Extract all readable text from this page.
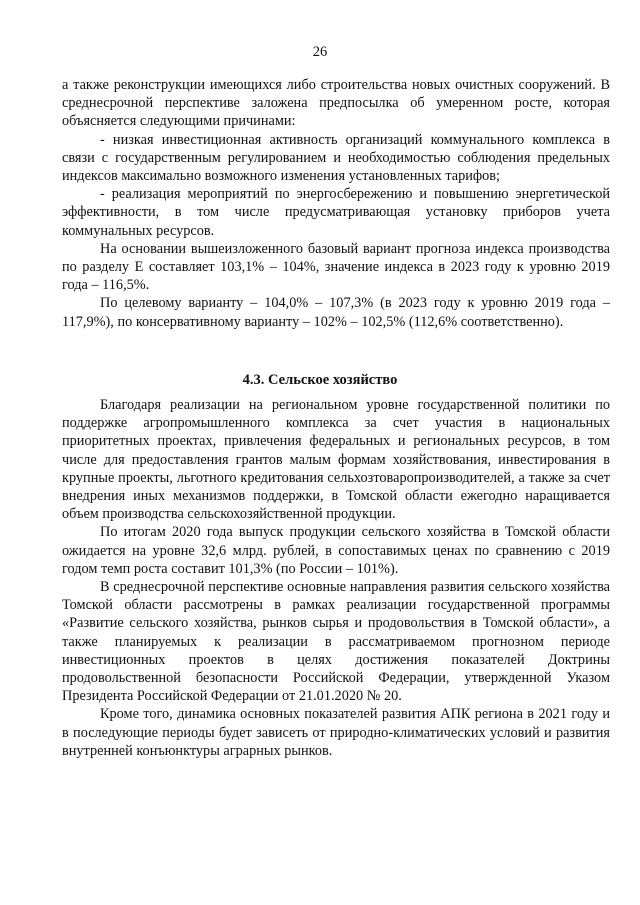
26

а также реконструкции имеющихся либо строительства новых очистных сооружений. В среднесрочной перспективе заложена предпосылка об умеренном росте, которая объясняется следующими причинами:

- низкая инвестиционная активность организаций коммунального комплекса в связи с государственным регулированием и необходимостью соблюдения предельных индексов максимально возможного изменения установленных тарифов;

- реализация мероприятий по энергосбережению и повышению энергетической эффективности, в том числе предусматривающая установку приборов учета коммунальных ресурсов.

На основании вышеизложенного базовый вариант прогноза индекса производства по разделу E составляет 103,1% – 104%, значение индекса в 2023 году к уровню 2019 года – 116,5%.

По целевому варианту – 104,0% – 107,3% (в 2023 году к уровню 2019 года – 117,9%), по консервативному варианту – 102% – 102,5% (112,6% соответственно).

4.3. Сельское хозяйство

Благодаря реализации на региональном уровне государственной политики по поддержке агропромышленного комплекса за счет участия в национальных приоритетных проектах, привлечения федеральных и региональных ресурсов, в том числе для предоставления грантов малым формам хозяйствования, инвестирования в крупные проекты, льготного кредитования сельхозтоваропроизводителей, а также за счет внедрения иных механизмов поддержки, в Томской области ежегодно наращивается объем производства сельскохозяйственной продукции.

По итогам 2020 года выпуск продукции сельского хозяйства в Томской области ожидается на уровне 32,6 млрд. рублей, в сопоставимых ценах по сравнению с 2019 годом темп роста составит 101,3% (по России – 101%).

В среднесрочной перспективе основные направления развития сельского хозяйства Томской области рассмотрены в рамках реализации государственной программы «Развитие сельского хозяйства, рынков сырья и продовольствия в Томской области», а также планируемых к реализации в рассматриваемом прогнозном периоде инвестиционных проектов в целях достижения показателей Доктрины продовольственной безопасности Российской Федерации, утвержденной Указом Президента Российской Федерации от 21.01.2020 № 20.

Кроме того, динамика основных показателей развития АПК региона в 2021 году и в последующие периоды будет зависеть от природно-климатических условий и развития внутренней конъюнктуры аграрных рынков.
